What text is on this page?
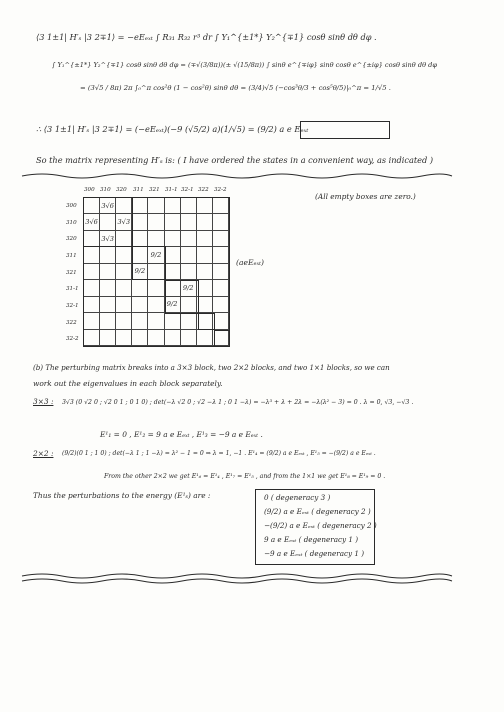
⟨3 1±1| H′ₛ |3 2∓1⟩ = −eEₑₓₜ ∫ R₃₁ R₃₂ r³ dr ∫ Y₁^{±1*} Y₂^{∓1} cosθ sinθ dθ dφ .
∫ Y₁^{±1*} Y₂^{∓1} cosθ sinθ dθ dφ = (∓√(3/8π))(± √(15/8π)) ∫ sinθ e^{∓iφ} sinθ cosθ e^{±iφ} cosθ sinθ dθ dφ
= (3√5 / 8π) 2π ∫₀^π cos²θ (1 − cos²θ) sinθ dθ = (3/4)√5 (−cos³θ/3 + cos⁵θ/5)|₀^π = 1/√5 .
∴ ⟨3 1±1| H′ₛ |3 2∓1⟩ = (−eEₑₓₜ)(−9 (√5/2) a)(1/√5) = (9/2) a e Eₑₓₜ
So the matrix representing H′ₛ is: ( I have ordered the states in a convenient way, as indicated )
300 310 320 311 321 31-1 32-1 322 32-2
300
310
320
311
321
31-1
32-1
322
32-2
3√6
3√6	3√3
3√3
9/2
9/2
9/2
9/2
(aeEₑₓₜ)
(All empty boxes are zero.)
(b) The perturbing matrix breaks into a 3×3 block, two 2×2 blocks, and two 1×1 blocks, so we can
work out the eigenvalues in each block separately.
3×3 : 3√3 (0 √2 0 ; √2 0 1 ; 0 1 0) ; det(−λ √2 0 ; √2 −λ 1 ; 0 1 −λ) = −λ³ + λ + 2λ = −λ(λ² − 3) = 0 . λ = 0, √3, −√3 .
E¹₁ = 0 , E¹₂ = 9 a e Eₑₓₜ , E¹₃ = −9 a e Eₑₓₜ .
2×2 : (9/2)(0 1 ; 1 0) ; det(−λ 1 ; 1 −λ) = λ² − 1 = 0 ⇒ λ = 1, −1 . E¹₄ = (9/2) a e Eₑₓₜ , E¹₅ = −(9/2) a e Eₑₓₜ .
From the other 2×2 we get E¹₆ = E¹₄ , E¹₇ = E¹₅ , and from the 1×1 we get E¹₈ = E¹₉ = 0 .
Thus the perturbations to the energy (E¹ₛ) are :	0 ( degeneracy 3 )
(9/2) a e Eₑₓₜ ( degeneracy 2 )
−(9/2) a e Eₑₓₜ ( degeneracy 2 )
9 a e Eₑₓₜ ( degeneracy 1 )
−9 a e Eₑₓₜ ( degeneracy 1 )
